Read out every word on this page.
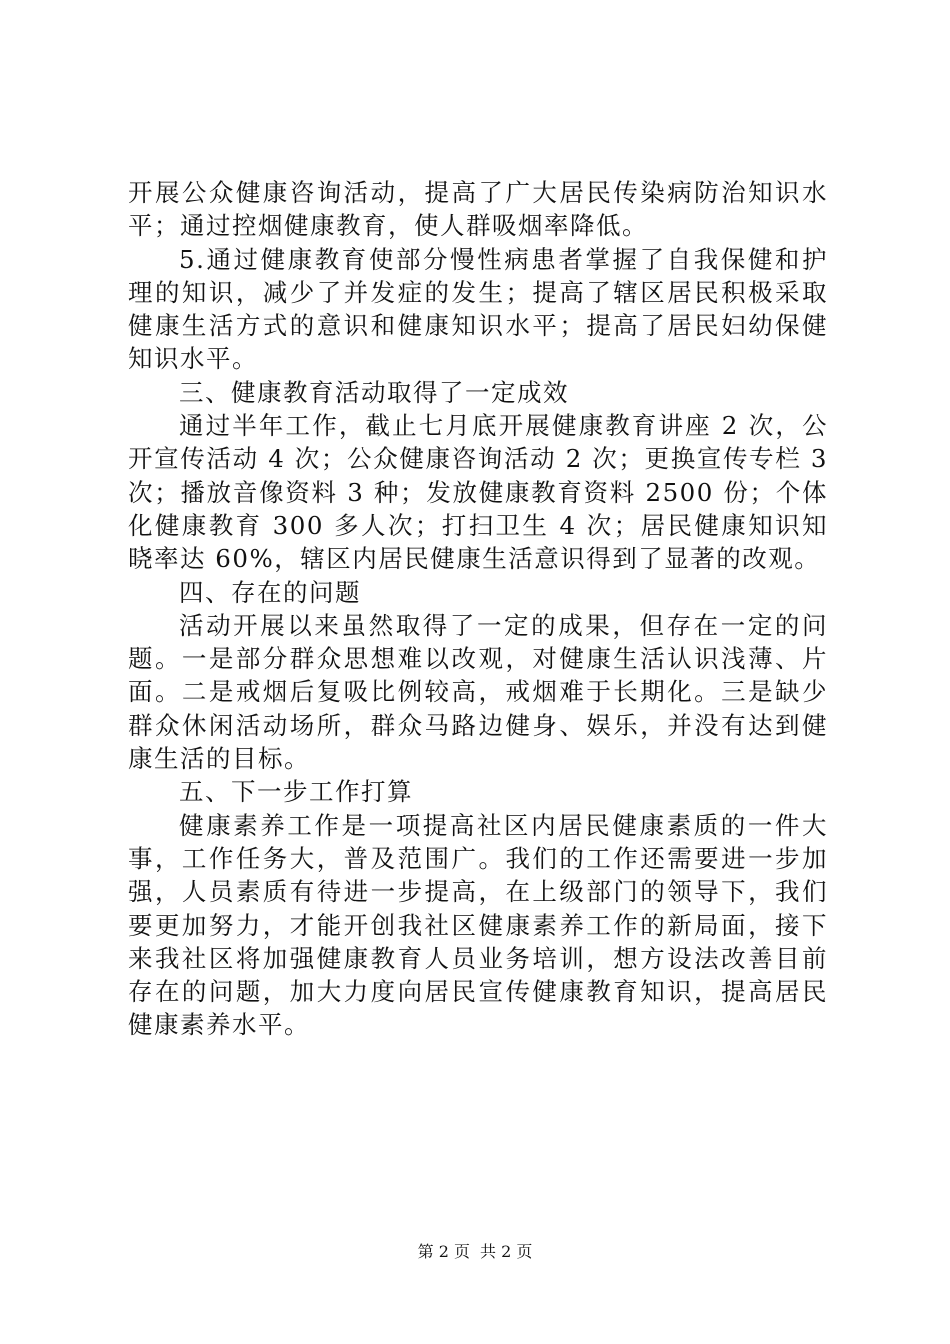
开展公众健康咨询活动，提高了广大居民传染病防治知识水平；通过控烟健康教育，使人群吸烟率降低。

5.通过健康教育使部分慢性病患者掌握了自我保健和护理的知识，减少了并发症的发生；提高了辖区居民积极采取健康生活方式的意识和健康知识水平；提高了居民妇幼保健知识水平。

三、健康教育活动取得了一定成效

通过半年工作，截止七月底开展健康教育讲座 2 次，公开宣传活动 4 次；公众健康咨询活动 2 次；更换宣传专栏 3 次；播放音像资料 3 种；发放健康教育资料 2500 份；个体化健康教育 300 多人次；打扫卫生 4 次；居民健康知识知晓率达 60%，辖区内居民健康生活意识得到了显著的改观。

四、存在的问题

活动开展以来虽然取得了一定的成果，但存在一定的问题。一是部分群众思想难以改观，对健康生活认识浅薄、片面。二是戒烟后复吸比例较高，戒烟难于长期化。三是缺少群众休闲活动场所，群众马路边健身、娱乐，并没有达到健康生活的目标。

五、下一步工作打算

健康素养工作是一项提高社区内居民健康素质的一件大事，工作任务大，普及范围广。我们的工作还需要进一步加强，人员素质有待进一步提高，在上级部门的领导下，我们要更加努力，才能开创我社区健康素养工作的新局面，接下来我社区将加强健康教育人员业务培训，想方设法改善目前存在的问题，加大力度向居民宣传健康教育知识，提高居民健康素养水平。

第 2 页 共 2 页
